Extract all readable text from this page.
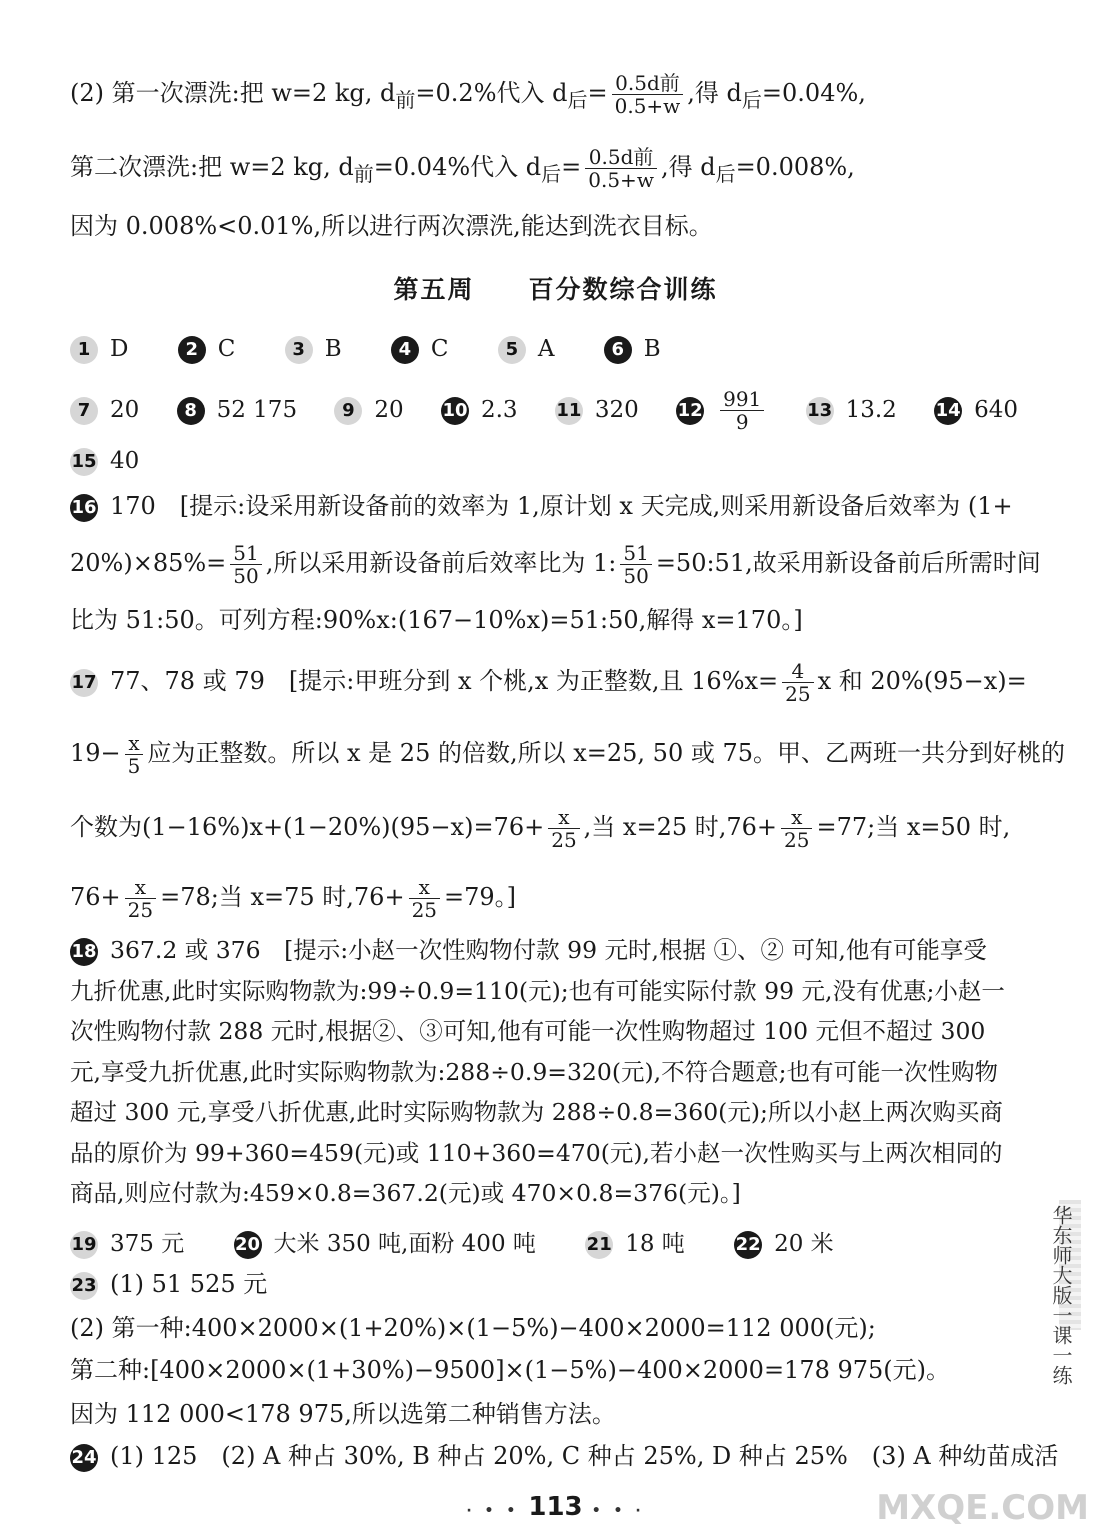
(2) 第一次漂洗:把 w=2 kg, $d_前=0.2\%$代入 $d_后= \frac{\text{0.5d前}}{0.5+w}$ ,得 $d_后=0.04\%$,
第二次漂洗:把 w=2 kg, $d_前=0.04\%$代入 $d_后= \frac{\text{0.5d前}}{0.5+w}$ ,得 $d_后=0.008\%$,
因为 0.008%<0.01%,所以进行两次漂洗,能达到洗衣目标。
第五周　　百分数综合训练
1 D	2 C	3 B	4 C	5 A	6 B
7 20	8 52 175	9 20 10 2.3 11 320 $12 \frac{991}{9} 13$ 13.2 14 640
15 40
16 170　[提示:设采用新设备前的效率为 1,原计划 x 天完成,则采用新设备后效率为 (1+
$20\%)\times 85\%= \frac{51}{50}$ ,所以采用新设备前后效率比为 1: $\frac{51}{50}$ =50:51,故采用新设备前后所需时间
比为 51:50。可列方程:90%x:(167−10%x)=51:50,解得 x=170。]
17 77、78 或 79　[提示:甲班分到 x 个桃,x 为正整数,且 $16\%x= \frac{4}{25}$ x 和 20%(95−x)=
$19- \frac{x}{5}$ 应为正整数。所以 x 是 25 的倍数,所以 x=25, 50 或 75。甲、乙两班一共分到好桃的
个数为$(1-16\%)x+(1-20\%)(95-x)=76+ \frac{x}{25}$ ,当 x=25 时$,76+ \frac{x}{25} =77$;当 x=50 时,
$76+ \frac{x}{25} =78$;当 x=75 时$,76+ \frac{x}{25} =79$。]
18 367.2 或 376　[提示:小赵一次性购物付款 99 元时,根据 ①、② 可知,他有可能享受九折优惠,此时实际购物款为:99÷0.9=110(元);也有可能实际付款 99 元,没有优惠;小赵一次性购物付款 288 元时,根据②、③可知,他有可能一次性购物超过 100 元但不超过 300 元,享受九折优惠,此时实际购物款为:288÷0.9=320(元),不符合题意;也有可能一次性购物超过 300 元,享受八折优惠,此时实际购物款为 288÷0.8=360(元);所以小赵上两次购买商品的原价为 99+360=459(元)或 110+360=470(元),若小赵一次性购买与上两次相同的商品,则应付款为:459×0.8=367.2(元)或 470×0.8=376(元)。]
19 375 元	20 大米 350 吨,面粉 400 吨	21 18 吨	22 20 米
23 (1) 51 525 元
(2) 第一种:400×2000×(1+20%)×(1−5%)−400×2000=112 000(元);
第二种:[400×2000×(1+30%)−9500]×(1−5%)−400×2000=178 975(元)。
因为 112 000<178 975,所以选第二种销售方法。
24 (1) 125　(2) A 种占 30%, B 种占 20%, C 种占 25%, D 种占 25%　(3) A 种幼苗成活
华东师大版一课一练
· • • 113 • • ·	MXQE.COM
